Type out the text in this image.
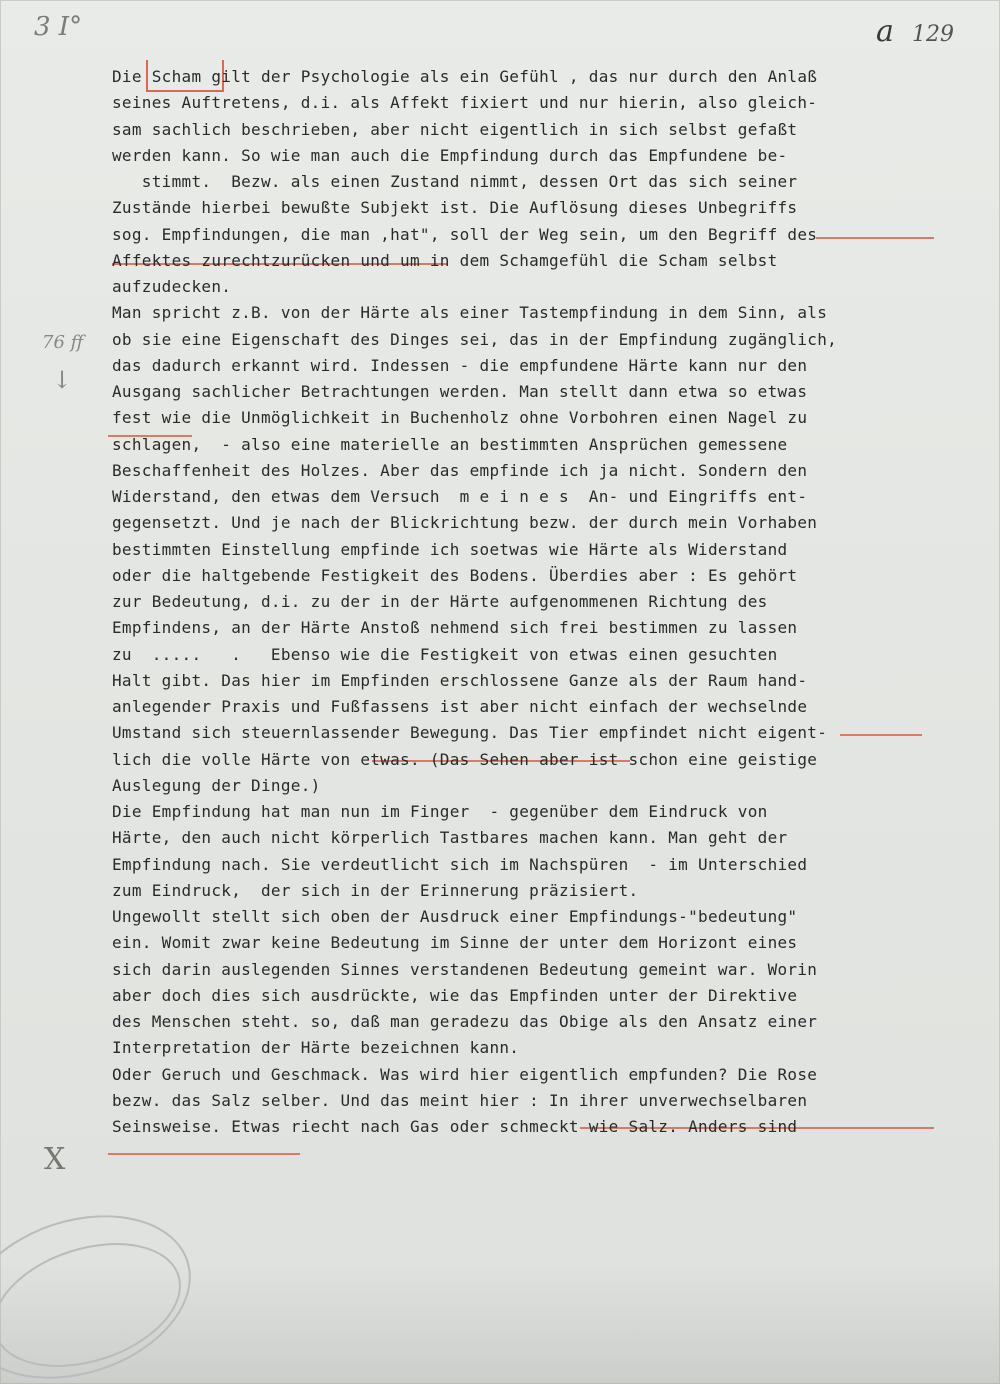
3 I°	a 129
76 ff
↓
X
Die Scham gilt der Psychologie als ein Gefühl , das nur durch den Anlaß
seines Auftretens, d.i. als Affekt fixiert und nur hierin, also gleich-
sam sachlich beschrieben, aber nicht eigentlich in sich selbst gefaßt
werden kann. So wie man auch die Empfindung durch das Empfundene be-
stimmt.  Bezw. als einen Zustand nimmt, dessen Ort das sich seiner
Zustände hierbei bewußte Subjekt ist. Die Auflösung dieses Unbegriffs
sog. Empfindungen, die man ,hat", soll der Weg sein, um den Begriff des
Affektes zurechtzurücken und um in dem Schamgefühl die Scham selbst
aufzudecken.
Man spricht z.B. von der Härte als einer Tastempfindung in dem Sinn, als
ob sie eine Eigenschaft des Dinges sei, das in der Empfindung zugänglich,
das dadurch erkannt wird. Indessen - die empfundene Härte kann nur den
Ausgang sachlicher Betrachtungen werden. Man stellt dann etwa so etwas
fest wie die Unmöglichkeit in Buchenholz ohne Vorbohren einen Nagel zu
schlagen,  - also eine materielle an bestimmten Ansprüchen gemessene
Beschaffenheit des Holzes. Aber das empfinde ich ja nicht. Sondern den
Widerstand, den etwas dem Versuch  m e i n e s  An- und Eingriffs ent-
gegensetzt. Und je nach der Blickrichtung bezw. der durch mein Vorhaben
bestimmten Einstellung empfinde ich soetwas wie Härte als Widerstand
oder die haltgebende Festigkeit des Bodens. Überdies aber : Es gehört
zur Bedeutung, d.i. zu der in der Härte aufgenommenen Richtung des
Empfindens, an der Härte Anstoß nehmend sich frei bestimmen zu lassen
zu  .....   .   Ebenso wie die Festigkeit von etwas einen gesuchten
Halt gibt. Das hier im Empfinden erschlossene Ganze als der Raum hand-
anlegender Praxis und Fußfassens ist aber nicht einfach der wechselnde
Umstand sich steuernlassender Bewegung. Das Tier empfindet nicht eigent-
lich die volle Härte von etwas. (Das Sehen aber ist schon eine geistige
Auslegung der Dinge.)
Die Empfindung hat man nun im Finger  - gegenüber dem Eindruck von
Härte, den auch nicht körperlich Tastbares machen kann. Man geht der
Empfindung nach. Sie verdeutlicht sich im Nachspüren  - im Unterschied
zum Eindruck,  der sich in der Erinnerung präzisiert.
Ungewollt stellt sich oben der Ausdruck einer Empfindungs-"bedeutung"
ein. Womit zwar keine Bedeutung im Sinne der unter dem Horizont eines
sich darin auslegenden Sinnes verstandenen Bedeutung gemeint war. Worin
aber doch dies sich ausdrückte, wie das Empfinden unter der Direktive
des Menschen steht. so, daß man geradezu das Obige als den Ansatz einer
Interpretation der Härte bezeichnen kann.
Oder Geruch und Geschmack. Was wird hier eigentlich empfunden? Die Rose
bezw. das Salz selber. Und das meint hier : In ihrer unverwechselbaren
Seinsweise. Etwas riecht nach Gas oder schmeckt wie Salz. Anders sind
